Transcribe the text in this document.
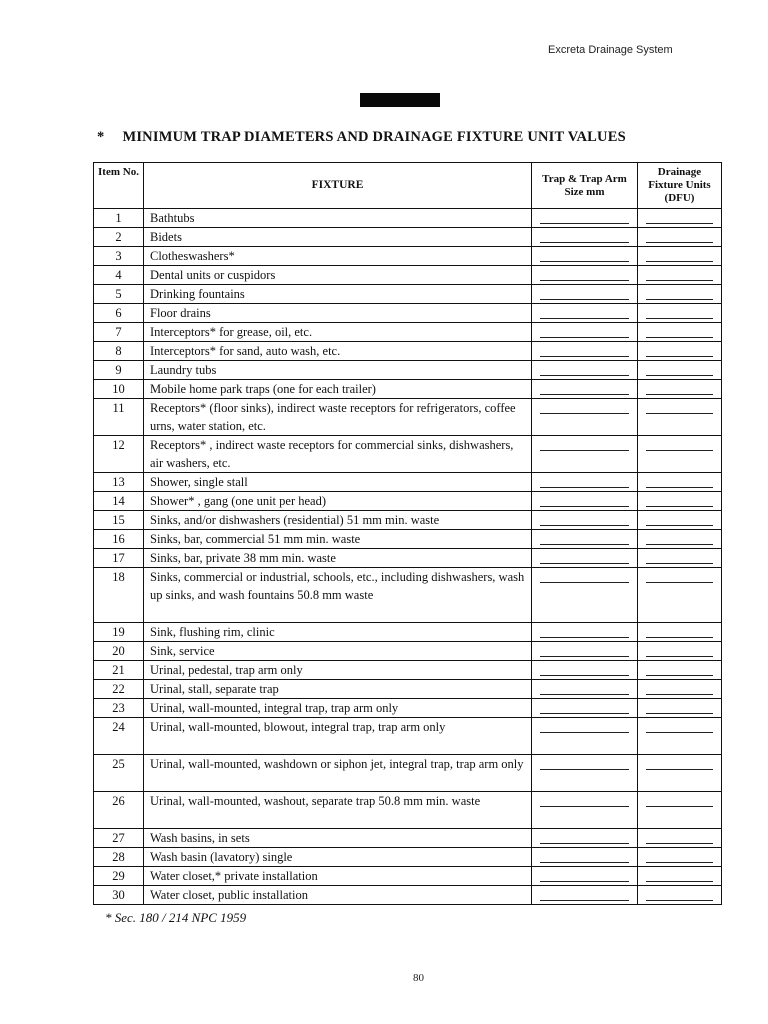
Excreta Drainage System
* MINIMUM TRAP DIAMETERS AND DRAINAGE FIXTURE UNIT VALUES
Item No.	FIXTURE	Trap & Trap Arm Size mm	Drainage Fixture Units (DFU)
1	Bathtubs	

2	Bidets	

3	Clotheswashers*	

4	Dental units or cuspidors	

5	Drinking fountains	

6	Floor drains	

7	Interceptors* for grease, oil, etc.	

8	Interceptors* for sand, auto wash, etc.	

9	Laundry tubs	

10	Mobile home park traps (one for each trailer)	

11	Receptors* (floor sinks), indirect waste receptors for refrigerators, coffee urns, water station, etc.	

12	Receptors* , indirect waste receptors for commercial sinks, dishwashers, air washers, etc.	

13	Shower, single stall	

14	Shower* , gang (one unit per head)	

15	Sinks, and/or dishwashers (residential) 51 mm min. waste	

16	Sinks, bar, commercial 51 mm min. waste	

17	Sinks, bar, private 38 mm min. waste	

18	Sinks, commercial or industrial, schools, etc., including dishwashers, wash up sinks, and wash fountains 50.8 mm waste	

19	Sink, flushing rim, clinic	

20	Sink, service	

21	Urinal, pedestal, trap arm only	

22	Urinal, stall, separate trap	

23	Urinal, wall-mounted, integral trap, trap arm only	

24	Urinal, wall-mounted, blowout, integral trap, trap arm only	

25	Urinal, wall-mounted, washdown or siphon jet, integral trap, trap arm only	

26	Urinal, wall-mounted, washout, separate trap 50.8 mm min. waste	

27	Wash basins, in sets	

28	Wash basin (lavatory) single	

29	Water closet,* private installation	

30	Water closet, public installation	

* Sec. 180 / 214 NPC 1959
80
